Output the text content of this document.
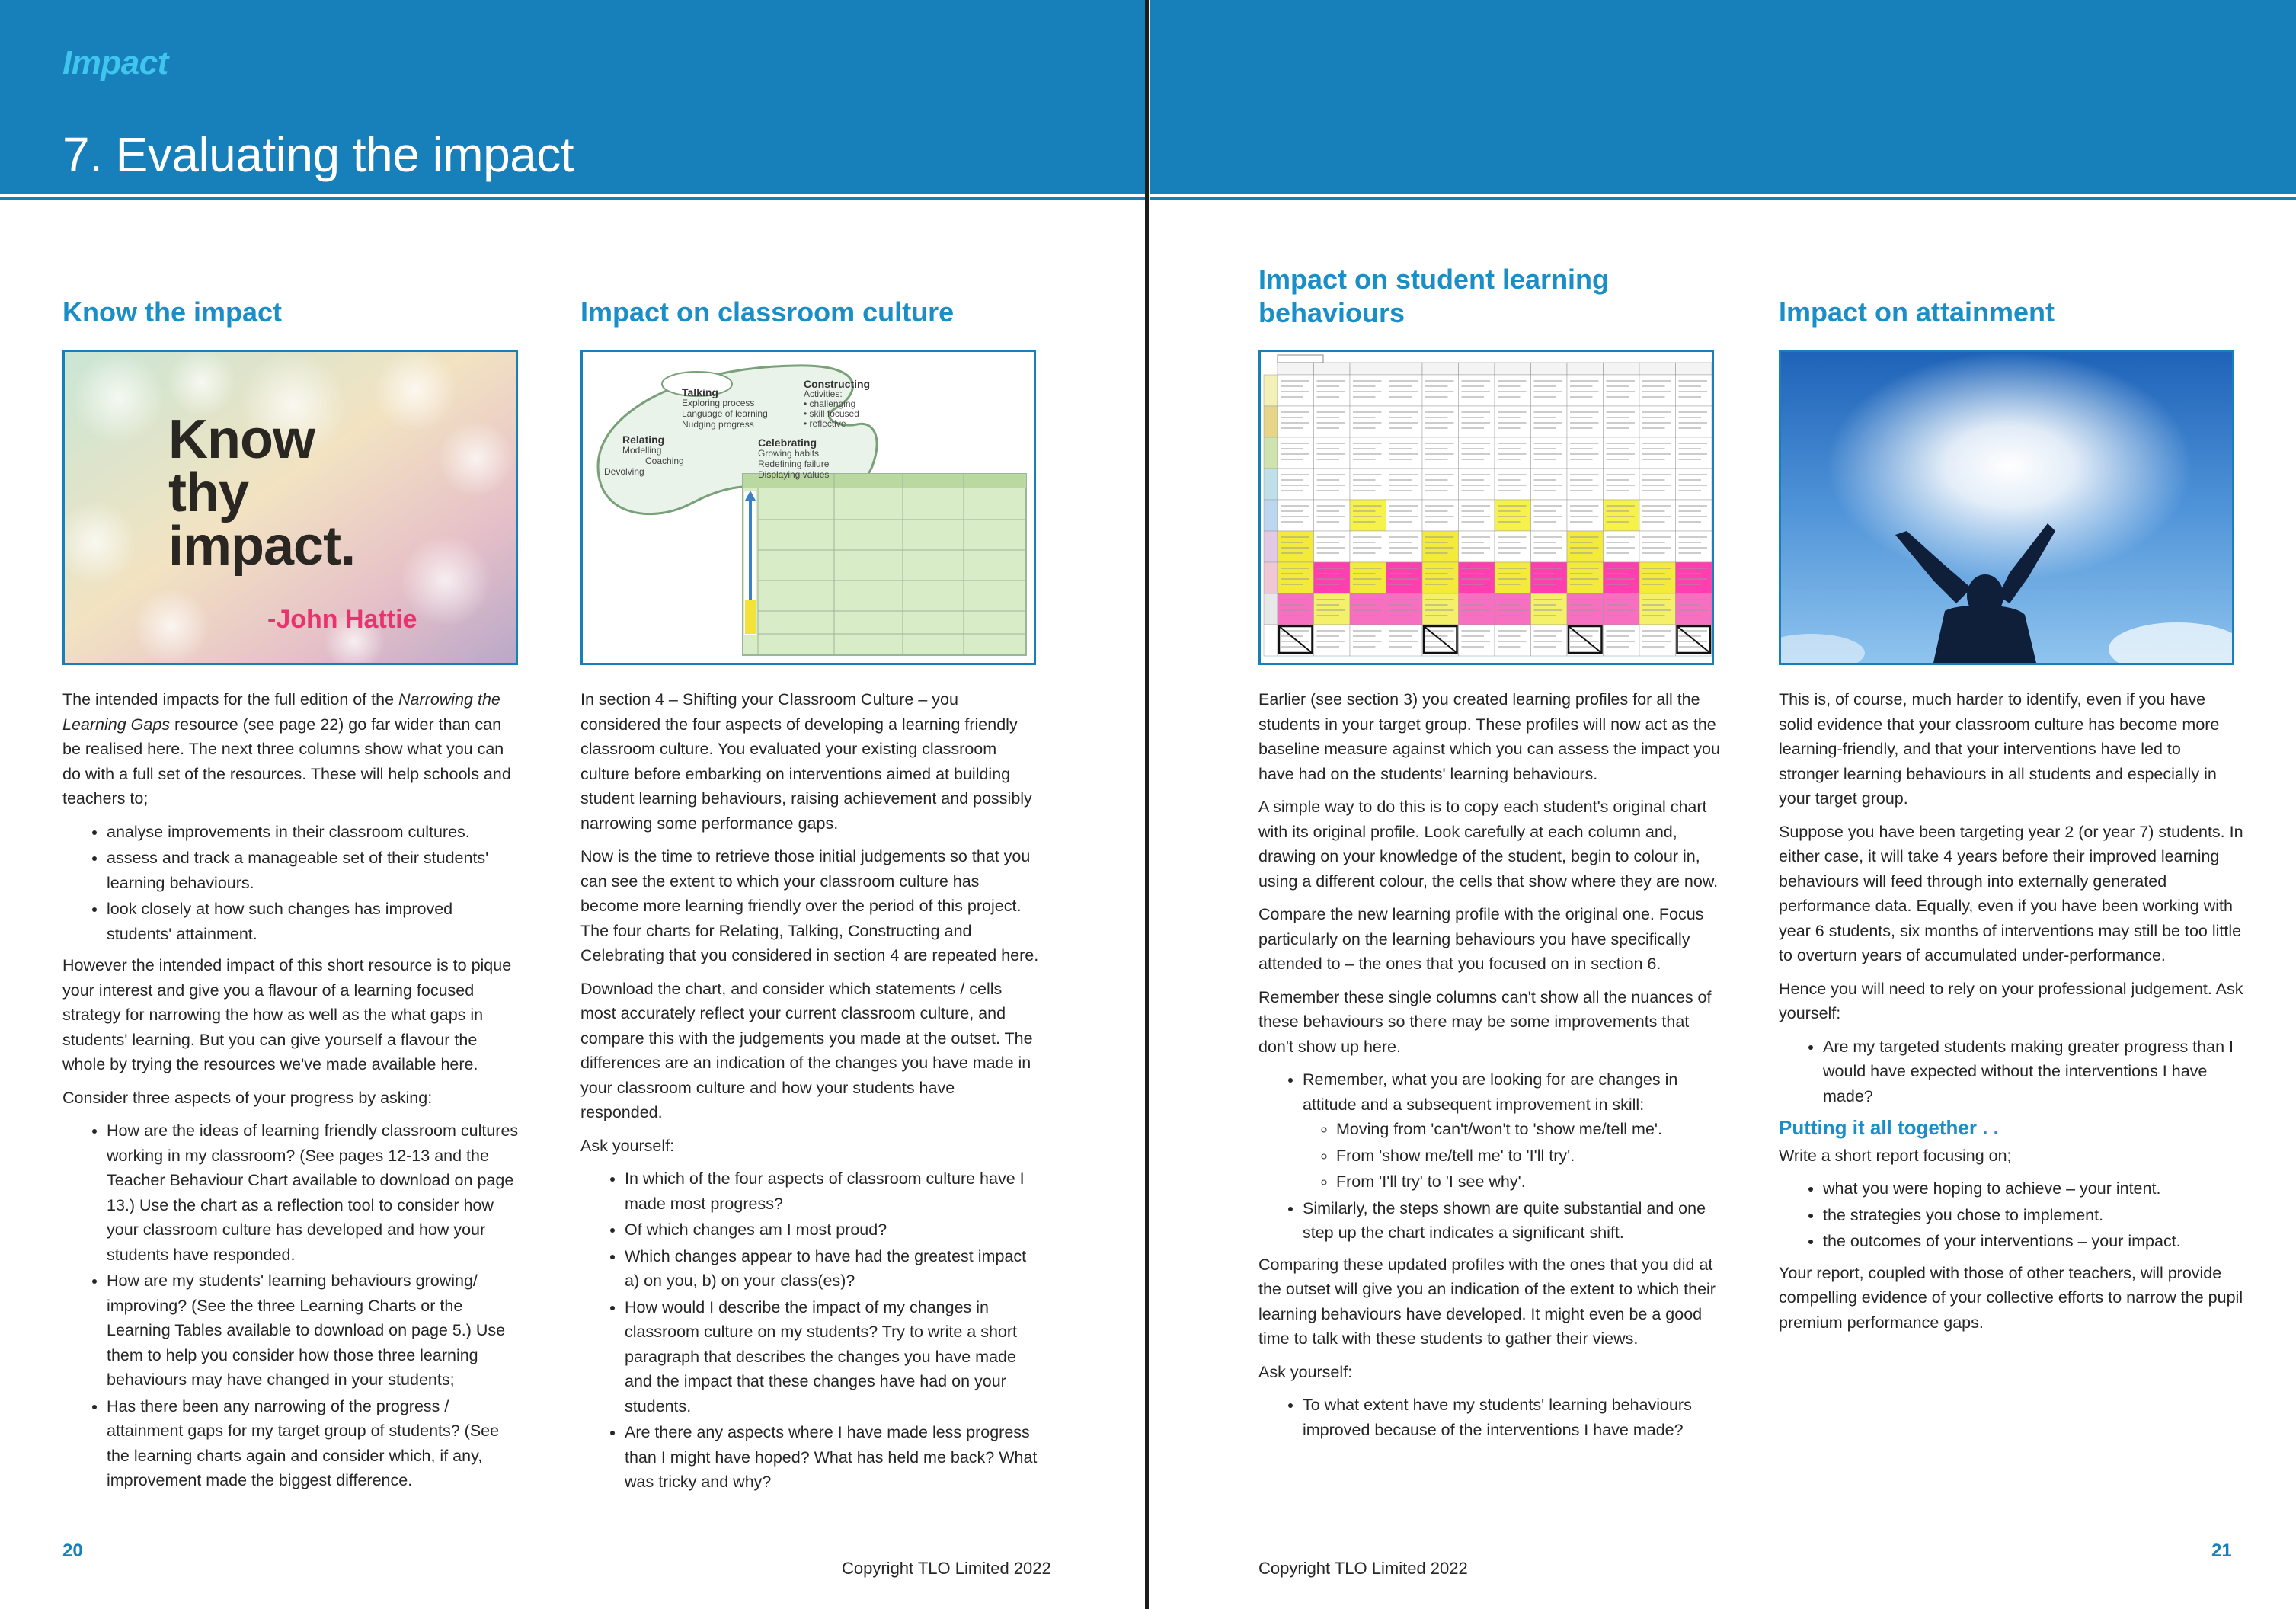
Impact
7. Evaluating the impact
Know the impact
Know
thy
impact.
-John Hattie

The intended impacts for the full edition of the Narrowing the Learning Gaps resource (see page 22) go far wider than can be realised here. The next three columns show what you can do with a full set of the resources. These will help schools and teachers to;

• analyse improvements in their classroom cultures.
• assess and track a manageable set of their students' learning behaviours.
• look closely at how such changes has improved students' attainment.

However the intended impact of this short resource is to pique your interest and give you a flavour of a learning focused strategy for narrowing the how as well as the what gaps in students' learning. But you can give yourself a flavour the whole by trying the resources we've made available here.

Consider three aspects of your progress by asking:

• How are the ideas of learning friendly classroom cultures working in my classroom? (See pages 12-13 and the Teacher Behaviour Chart available to download on page 13.) Use the chart as a reflection tool to consider how your classroom culture has developed and how your students have responded.
• How are my students' learning behaviours growing/ improving? (See the three Learning Charts or the Learning Tables available to download on page 5.) Use them to help you consider how those three learning behaviours may have changed in your students;
• Has there been any narrowing of the progress / attainment gaps for my target group of students? (See the learning charts again and consider which, if any, improvement made the biggest difference.
Impact on classroom culture
Constructing
Activities:
• challenging
• skill focused
• reflective
Talking
Exploring process
Language of learning
Nudging progress
Relating
Modelling
Coaching
Devolving
Celebrating
Growing habits
Redefining failure
Displaying values

In section 4 – Shifting your Classroom Culture – you considered the four aspects of developing a learning friendly classroom culture. You evaluated your existing classroom culture before embarking on interventions aimed at building student learning behaviours, raising achievement and possibly narrowing some performance gaps.

Now is the time to retrieve those initial judgements so that you can see the extent to which your classroom culture has become more learning friendly over the period of this project. The four charts for Relating, Talking, Constructing and Celebrating that you considered in section 4 are repeated here.

Download the chart, and consider which statements / cells most accurately reflect your current classroom culture, and compare this with the judgements you made at the outset. The differences are an indication of the changes you have made in your classroom culture and how your students have responded.

Ask yourself:

• In which of the four aspects of classroom culture have I made most progress?
• Of which changes am I most proud?
• Which changes appear to have had the greatest impact a) on you, b) on your class(es)?
• How would I describe the impact of my changes in classroom culture on my students? Try to write a short paragraph that describes the changes you have made and the impact that these changes have had on your students.
• Are there any aspects where I have made less progress than I might have hoped? What has held me back? What was tricky and why?
20
Copyright TLO Limited 2022
Impact on student learning
behaviours

Earlier (see section 3) you created learning profiles for all the students in your target group. These profiles will now act as the baseline measure against which you can assess the impact you have had on the students' learning behaviours.

A simple way to do this is to copy each student's original chart with its original profile. Look carefully at each column and, drawing on your knowledge of the student, begin to colour in, using a different colour, the cells that show where they are now.

Compare the new learning profile with the original one. Focus particularly on the learning behaviours you have specifically attended to – the ones that you focused on in section 6.

Remember these single columns can't show all the nuances of these behaviours so there may be some improvements that don't show up here.

• Remember, what you are looking for are changes in attitude and a subsequent improvement in skill:
◦ Moving from 'can't/won't to 'show me/tell me'.
◦ From 'show me/tell me' to 'I'll try'.
◦ From 'I'll try' to 'I see why'.
• Similarly, the steps shown are quite substantial and one step up the chart indicates a significant shift.

Comparing these updated profiles with the ones that you did at the outset will give you an indication of the extent to which their learning behaviours have developed. It might even be a good time to talk with these students to gather their views.

Ask yourself:

• To what extent have my students' learning behaviours improved because of the interventions I have made?
Impact on attainment

This is, of course, much harder to identify, even if you have solid evidence that your classroom culture has become more learning-friendly, and that your interventions have led to stronger learning behaviours in all students and especially in your target group.

Suppose you have been targeting year 2 (or year 7) students. In either case, it will take 4 years before their improved learning behaviours will feed through into externally generated performance data. Equally, even if you have been working with year 6 students, six months of interventions may still be too little to overturn years of accumulated under-performance.

Hence you will need to rely on your professional judgement. Ask yourself:

• Are my targeted students making greater progress than I would have expected without the interventions I have made?
Putting it all together . .

Write a short report focusing on;

• what you were hoping to achieve – your intent.
• the strategies you chose to implement.
• the outcomes of your interventions – your impact.

Your report, coupled with those of other teachers, will provide compelling evidence of your collective efforts to narrow the pupil premium performance gaps.

21
Copyright TLO Limited 2022
